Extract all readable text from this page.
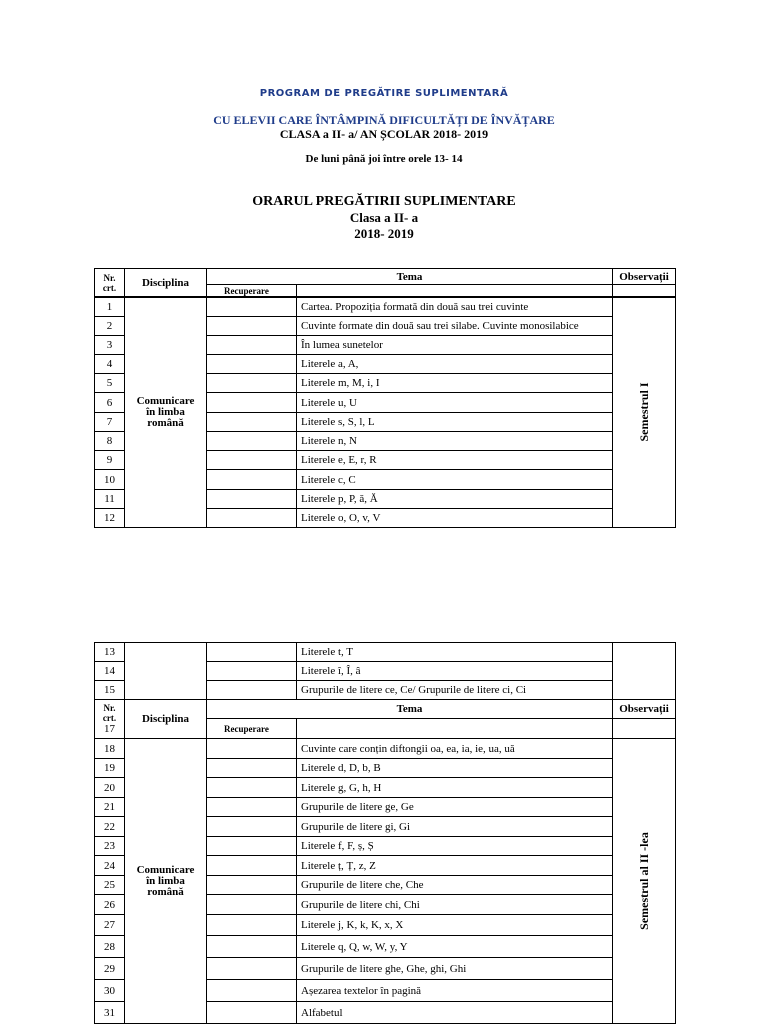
PROGRAM DE PREGĂTIRE SUPLIMENTARĂ
CU ELEVII CARE ÎNTÂMPINĂ DIFICULTĂȚI DE ÎNVĂȚARE
CLASA a II- a/ AN ȘCOLAR 2018- 2019
De luni până joi între orele 13- 14
ORARUL PREGĂTIRII SUPLIMENTARE
Clasa a II- a
2018- 2019
Nr.
crt.	Disciplina	Tema		Observații
		Recuperare		
1	Comunicare
în limba
română		Cartea. Propoziția formată din două sau trei cuvinte	Semestrul I

2			Cuvinte formate din două sau trei silabe. Cuvinte monosilabice	
3			În lumea sunetelor	
4			Literele a, A,	
5			Literele m, M, i, I	
6			Literele u, U	
7			Literele s, S, l, L	
8			Literele n, N	
9			Literele e, E, r, R	
10			Literele c, C	
11			Literele p, P, ă, Ă	
12			Literele o, O, v, V	
13			Literele t, T	
14			Literele î, Î, â	
15			Grupurile de litere ce, Ce/ Grupurile de litere ci, Ci	
Nr.
crt.
17	Disciplina	Tema		Observații
		Recuperare		
18	Comunicare
în limba
română		Cuvinte care conțin diftongii oa, ea, ia, ie, ua, uă	Semestrul al II -lea

19			Literele d, D, b, B	
20			Literele g, G, h, H	
21			Grupurile de litere ge, Ge	
22			Grupurile de litere gi, Gi	
23			Literele f, F, ș, Ș	
24			Literele ț, Ț, z, Z	
25			Grupurile de litere che, Che	
26			Grupurile de litere chi, Chi	
27			Literele j, K, k, K, x, X	
28			Literele q, Q, w, W, y, Y	
29			Grupurile de litere ghe, Ghe, ghi, Ghi	
30			Așezarea textelor în pagină	
31			Alfabetul	
